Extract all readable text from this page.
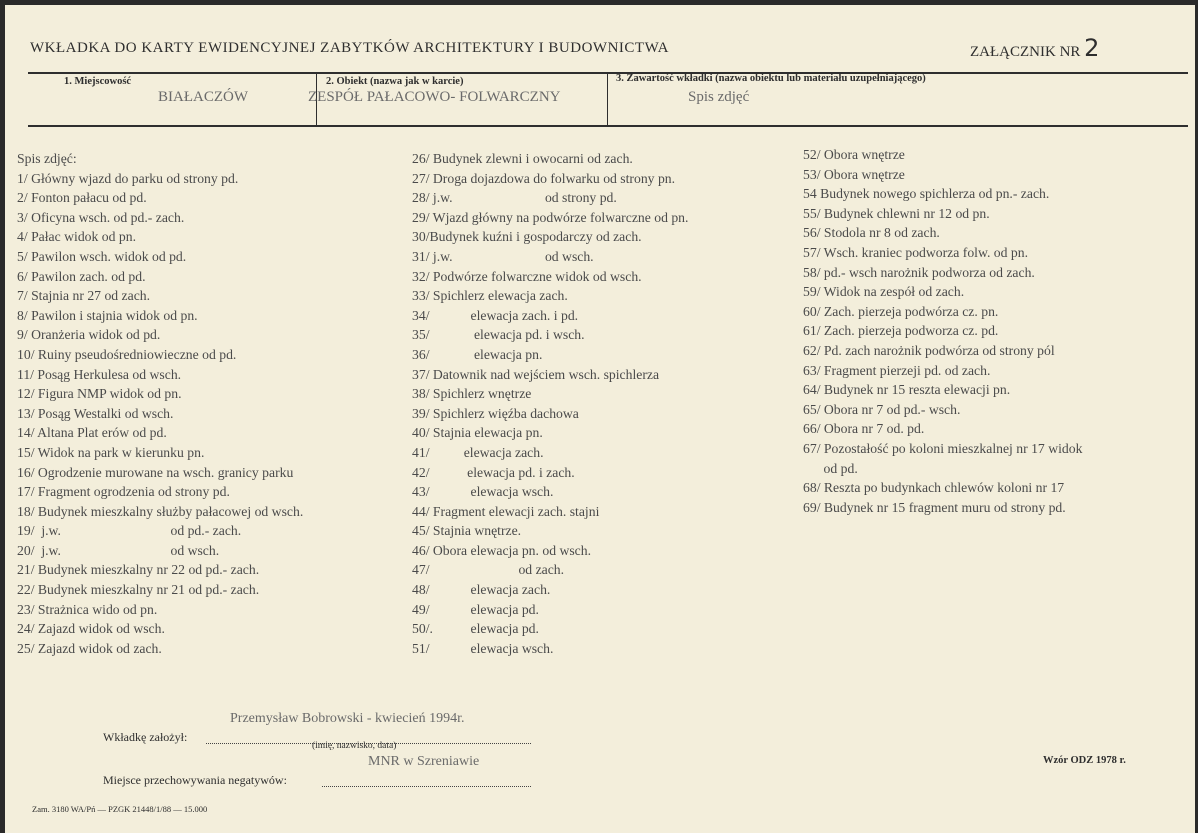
WKŁADKA DO KARTY EWIDENCYJNEJ ZABYTKÓW ARCHITEKTURY I BUDOWNICTWA	ZAŁĄCZNIK NR 2
1. Miejscowość
BIAŁACZÓW
2. Obiekt (nazwa jak w karcie)
ZESPÓŁ PAŁACOWO- FOLWARCZNY
3. Zawartość wkładki (nazwa obiektu lub materiału uzupełniającego)
Spis zdjęć
Spis zdjęć:
1/ Główny wjazd do parku od strony pd.
2/ Fonton pałacu od pd.
3/ Oficyna wsch. od pd.- zach.
4/ Pałac widok od pn.
5/ Pawilon wsch. widok od pd.
6/ Pawilon zach. od pd.
7/ Stajnia nr 27 od zach.
8/ Pawilon i stajnia widok od pn.
9/ Oranżeria widok od pd.
10/ Ruiny pseudośredniowieczne od pd.
11/ Posąg Herkulesa od wsch.
12/ Figura NMP widok od pn.
13/ Posąg Westalki od wsch.
14/ Altana Plat erów od pd.
15/ Widok na park w kierunku pn.
16/ Ogrodzenie murowane na wsch. granicy parku
17/ Fragment ogrodzenia od strony pd.
18/ Budynek mieszkalny służby pałacowej od wsch.
19/  j.w.                                od pd.- zach.
20/  j.w.                                od wsch.
21/ Budynek mieszkalny nr 22 od pd.- zach.
22/ Budynek mieszkalny nr 21 od pd.- zach.
23/ Strażnica wido od pn.
24/ Zajazd widok od wsch.
25/ Zajazd widok od zach.
26/ Budynek zlewni i owocarni od zach.
27/ Droga dojazdowa do folwarku od strony pn.
28/ j.w.                           od strony pd.
29/ Wjazd główny na podwórze folwarczne od pn.
30/Budynek kuźni i gospodarczy od zach.
31/ j.w.                           od wsch.
32/ Podwórze folwarczne widok od wsch.
33/ Spichlerz elewacja zach.
34/            elewacja zach. i pd.
35/             elewacja pd. i wsch.
36/             elewacja pn.
37/ Datownik nad wejściem wsch. spichlerza
38/ Spichlerz wnętrze
39/ Spichlerz więźba dachowa
40/ Stajnia elewacja pn.
41/          elewacja zach.
42/           elewacja pd. i zach.
43/            elewacja wsch.
44/ Fragment elewacji zach. stajni
45/ Stajnia wnętrze.
46/ Obora elewacja pn. od wsch.
47/                          od zach.
48/            elewacja zach.
49/            elewacja pd.
50/.           elewacja pd.
51/            elewacja wsch.
52/ Obora wnętrze
53/ Obora wnętrze
54 Budynek nowego spichlerza od pn.- zach.
55/ Budynek chlewni nr 12 od pn.
56/ Stodola nr 8 od zach.
57/ Wsch. kraniec podworza folw. od pn.
58/ pd.- wsch narożnik podworza od zach.
59/ Widok na zespół od zach.
60/ Zach. pierzeja podwórza cz. pn.
61/ Zach. pierzeja podworza cz. pd.
62/ Pd. zach narożnik podwórza od strony pól
63/ Fragment pierzeji pd. od zach.
64/ Budynek nr 15 reszta elewacji pn.
65/ Obora nr 7 od pd.- wsch.
66/ Obora nr 7 od. pd.
67/ Pozostałość po koloni mieszkalnej nr 17 widok
od pd.
68/ Reszta po budynkach chlewów koloni nr 17
69/ Budynek nr 15 fragment muru od strony pd.
Przemysław Bobrowski - kwiecień 1994r.
Wkładkę założył:
(imię, nazwisko, data)
MNR w Szreniawie
Miejsce przechowywania negatywów:
Wzór ODZ 1978 r.
Zam. 3180 WA/Pń — PZGK 21448/1/88 — 15.000
